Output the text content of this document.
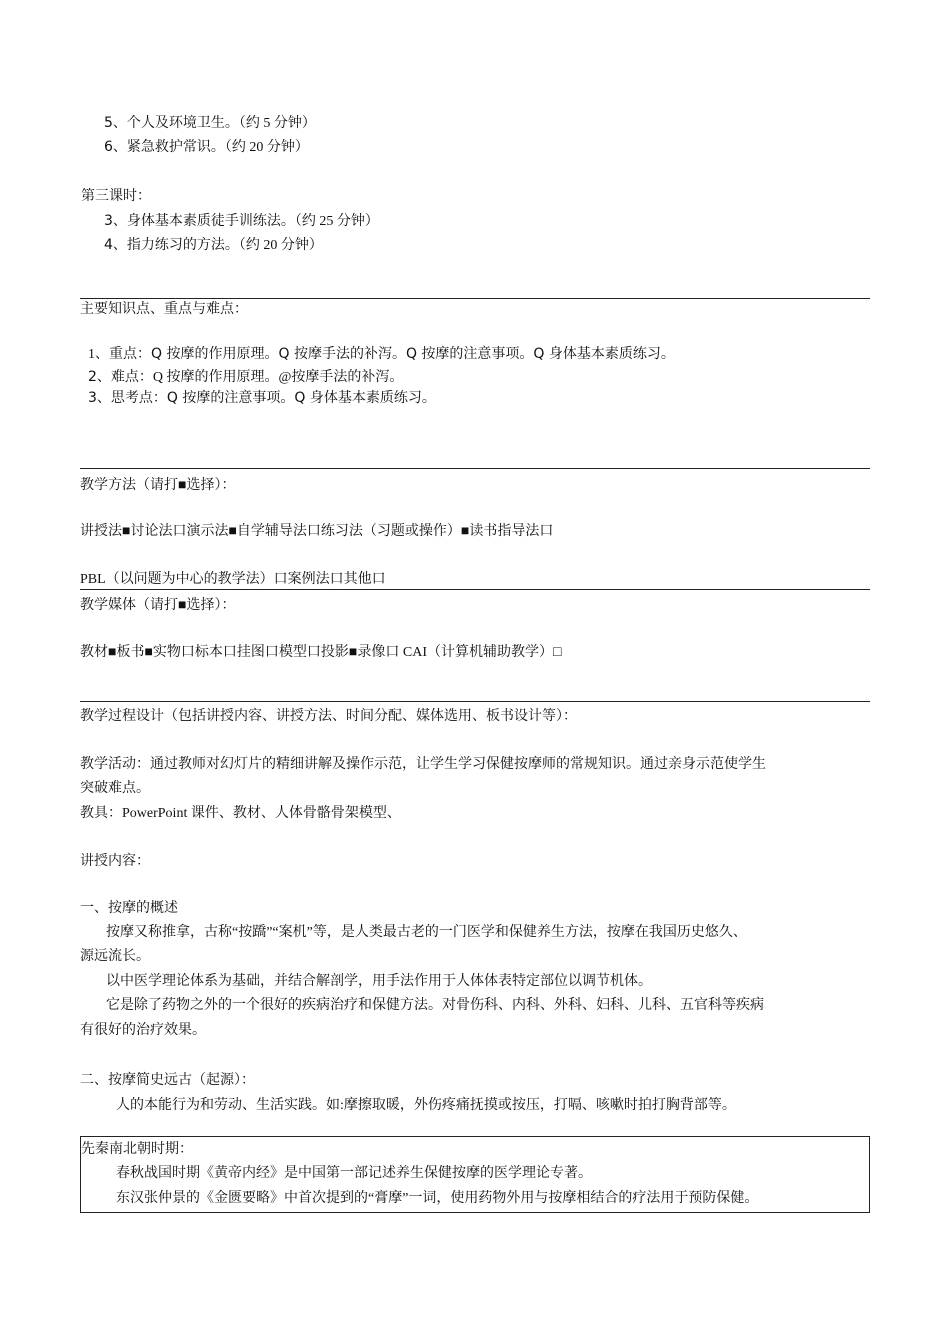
5、个人及环境卫生。（约 5 分钟）
6、紧急救护常识。（约 20 分钟）
第三课时：
3、身体基本素质徒手训练法。（约 25 分钟）
4、指力练习的方法。（约 20 分钟）
主要知识点、重点与难点：
1、重点：Q 按摩的作用原理。Q 按摩手法的补泻。Q 按摩的注意事项。Q 身体基本素质练习。
2、难点：Q 按摩的作用原理。@按摩手法的补泻。
3、思考点：Q 按摩的注意事项。Q 身体基本素质练习。
教学方法（请打■选择）：
讲授法■讨论法口演示法■自学辅导法口练习法（习题或操作）■读书指导法口
PBL（以问题为中心的教学法）口案例法口其他口
教学媒体（请打■选择）：
教材■板书■实物口标本口挂图口模型口投影■录像口 CAI（计算机辅助教学）□
教学过程设计（包括讲授内容、讲授方法、时间分配、媒体选用、板书设计等）：
教学活动：通过教师对幻灯片的精细讲解及操作示范，让学生学习保健按摩师的常规知识。通过亲身示范使学生
突破难点。
教具：PowerPoint 课件、教材、人体骨骼骨架模型、
讲授内容：
一、按摩的概述
按摩又称推拿，古称“按蹻”“案机”等，是人类最古老的一门医学和保健养生方法，按摩在我国历史悠久、
源远流长。
以中医学理论体系为基础，并结合解剖学，用手法作用于人体体表特定部位以调节机体。
它是除了药物之外的一个很好的疾病治疗和保健方法。对骨伤科、内科、外科、妇科、儿科、五官科等疾病
有很好的治疗效果。
二、按摩简史远古（起源）：
人的本能行为和劳动、生活实践。如:摩擦取暖，外伤疼痛抚摸或按压，打嗝、咳嗽时拍打胸背部等。
先秦南北朝时期：
春秋战国时期《黄帝内经》是中国第一部记述养生保健按摩的医学理论专著。
东汉张仲景的《金匮要略》中首次提到的“膏摩”一词，使用药物外用与按摩相结合的疗法用于预防保健。
